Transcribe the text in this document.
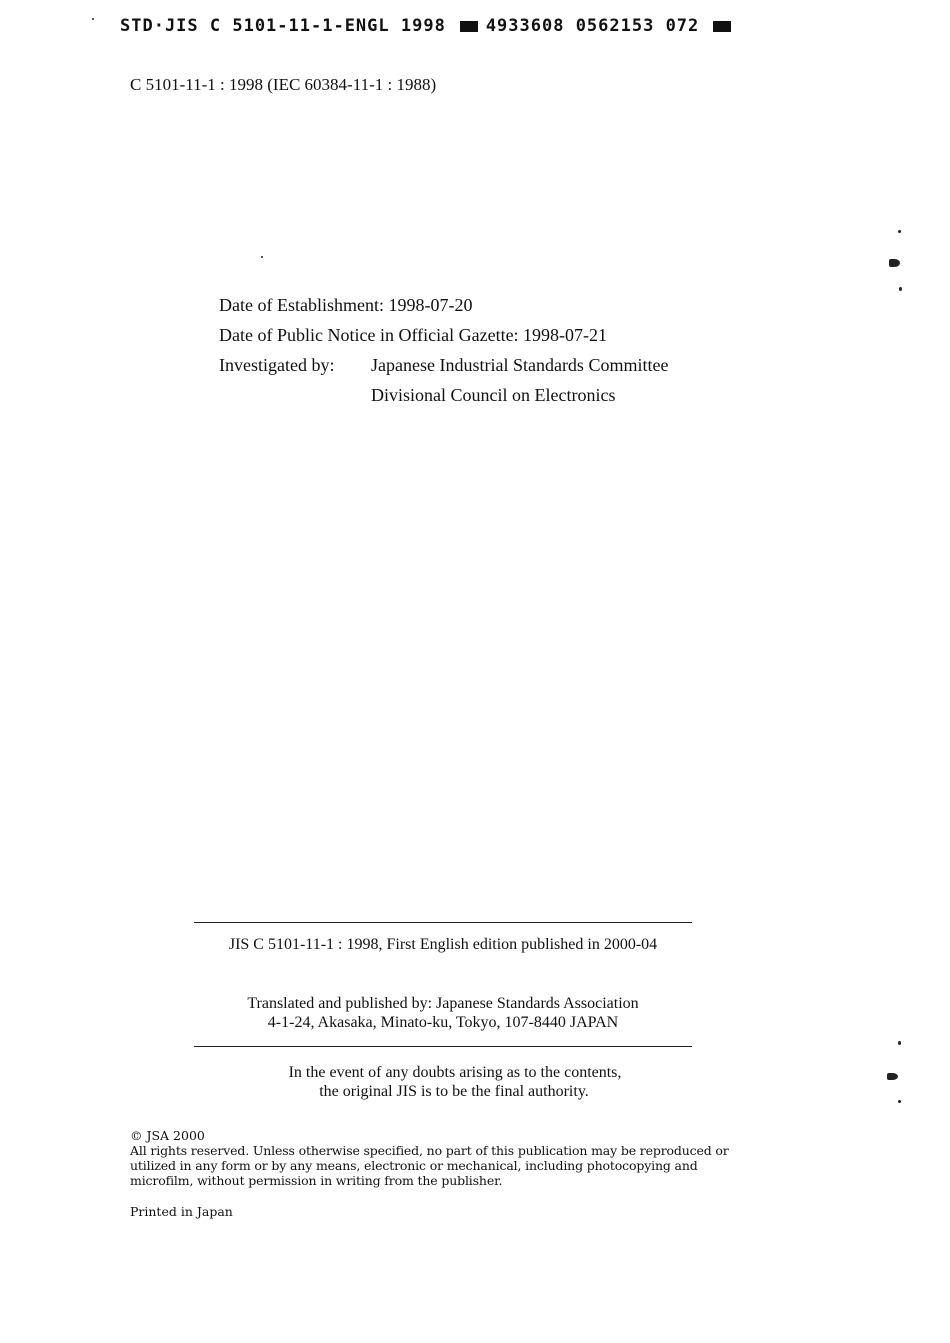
STD·JIS C 5101-11-1-ENGL 1998 4933608 0562153 072
C 5101-11-1 : 1998 (IEC 60384-11-1 : 1988)
Date of Establishment: 1998-07-20
Date of Public Notice in Official Gazette: 1998-07-21
Investigated by: Japanese Industrial Standards Committee
Divisional Council on Electronics
JIS C 5101-11-1 : 1998, First English edition published in 2000-04
Translated and published by: Japanese Standards Association
4-1-24, Akasaka, Minato-ku, Tokyo, 107-8440 JAPAN
In the event of any doubts arising as to the contents,
the original JIS is to be the final authority.
© JSA 2000
All rights reserved. Unless otherwise specified, no part of this publication may be reproduced or
utilized in any form or by any means, electronic or mechanical, including photocopying and
microfilm, without permission in writing from the publisher.
Printed in Japan
